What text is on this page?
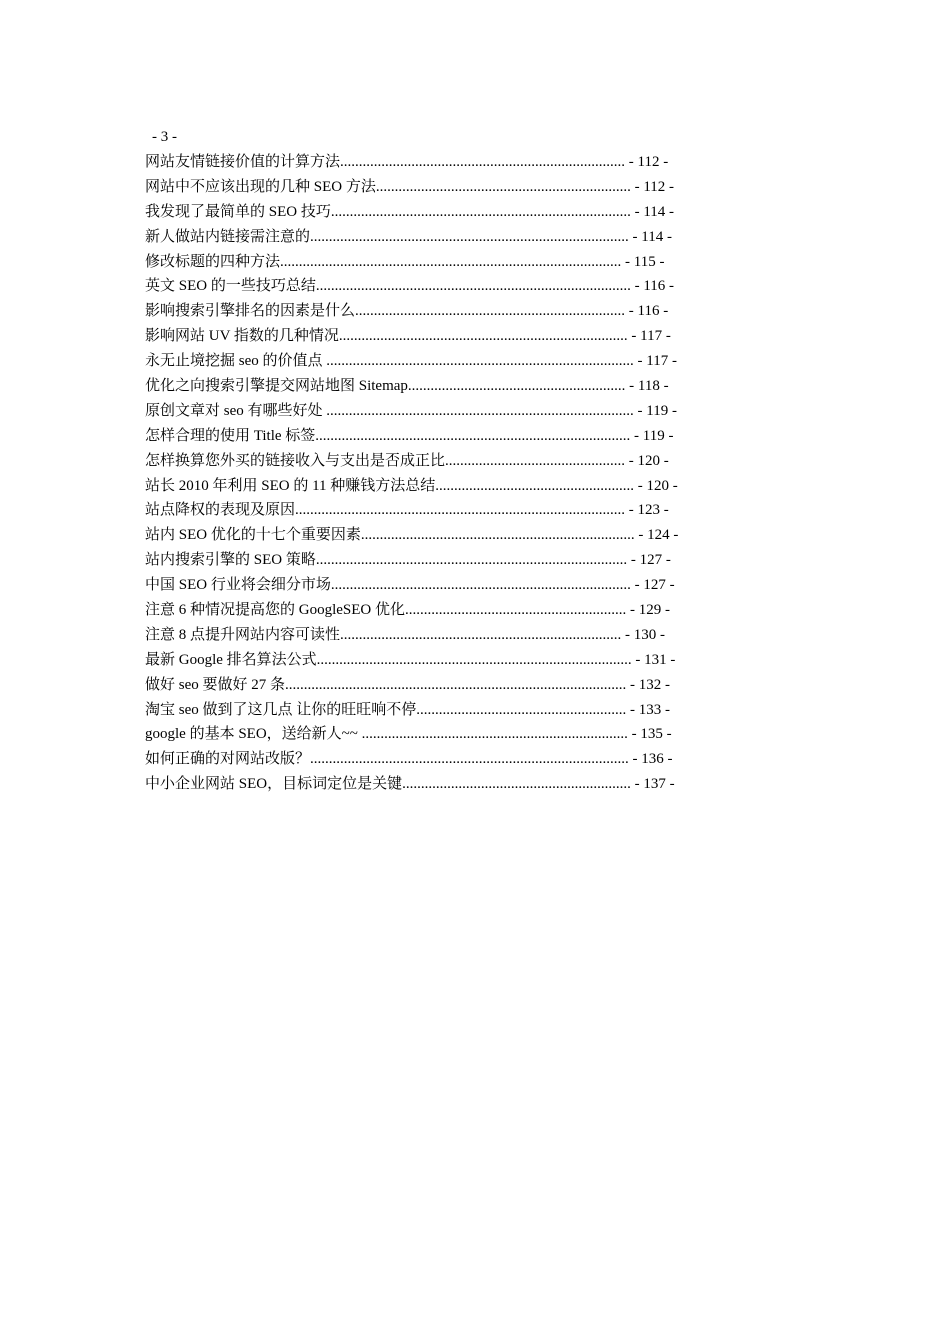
- 3 -
网站友情链接价值的计算方法............................................................................ - 112 -
网站中不应该出现的几种 SEO 方法.................................................................... - 112 -
我发现了最简单的 SEO 技巧................................................................................ - 114 -
新人做站内链接需注意的..................................................................................... - 114 -
修改标题的四种方法........................................................................................... - 115 -
英文 SEO 的一些技巧总结.................................................................................... - 116 -
影响搜索引擎排名的因素是什么........................................................................ - 116 -
影响网站 UV 指数的几种情况............................................................................. - 117 -
永无止境挖掘 seo 的价值点 .................................................................................. - 117 -
优化之向搜索引擎提交网站地图 Sitemap.......................................................... - 118 -
原创文章对 seo 有哪些好处 .................................................................................. - 119 -
怎样合理的使用 Title 标签.................................................................................... - 119 -
怎样换算您外买的链接收入与支出是否成正比................................................ - 120 -
站长 2010 年利用 SEO 的 11 种赚钱方法总结..................................................... - 120 -
站点降权的表现及原因........................................................................................ - 123 -
站内 SEO 优化的十七个重要因素......................................................................... - 124 -
站内搜索引擎的 SEO 策略................................................................................... - 127 -
中国 SEO 行业将会细分市场................................................................................ - 127 -
注意 6 种情况提高您的 GoogleSEO 优化........................................................... - 129 -
注意 8 点提升网站内容可读性........................................................................... - 130 -
最新 Google 排名算法公式.................................................................................... - 131 -
做好 seo 要做好 27 条........................................................................................... - 132 -
淘宝 seo 做到了这几点 让你的旺旺响不停........................................................ - 133 -
google 的基本 SEO，送给新人~~ ....................................................................... - 135 -
如何正确的对网站改版？..................................................................................... - 136 -
中小企业网站 SEO，目标词定位是关键............................................................. - 137 -
